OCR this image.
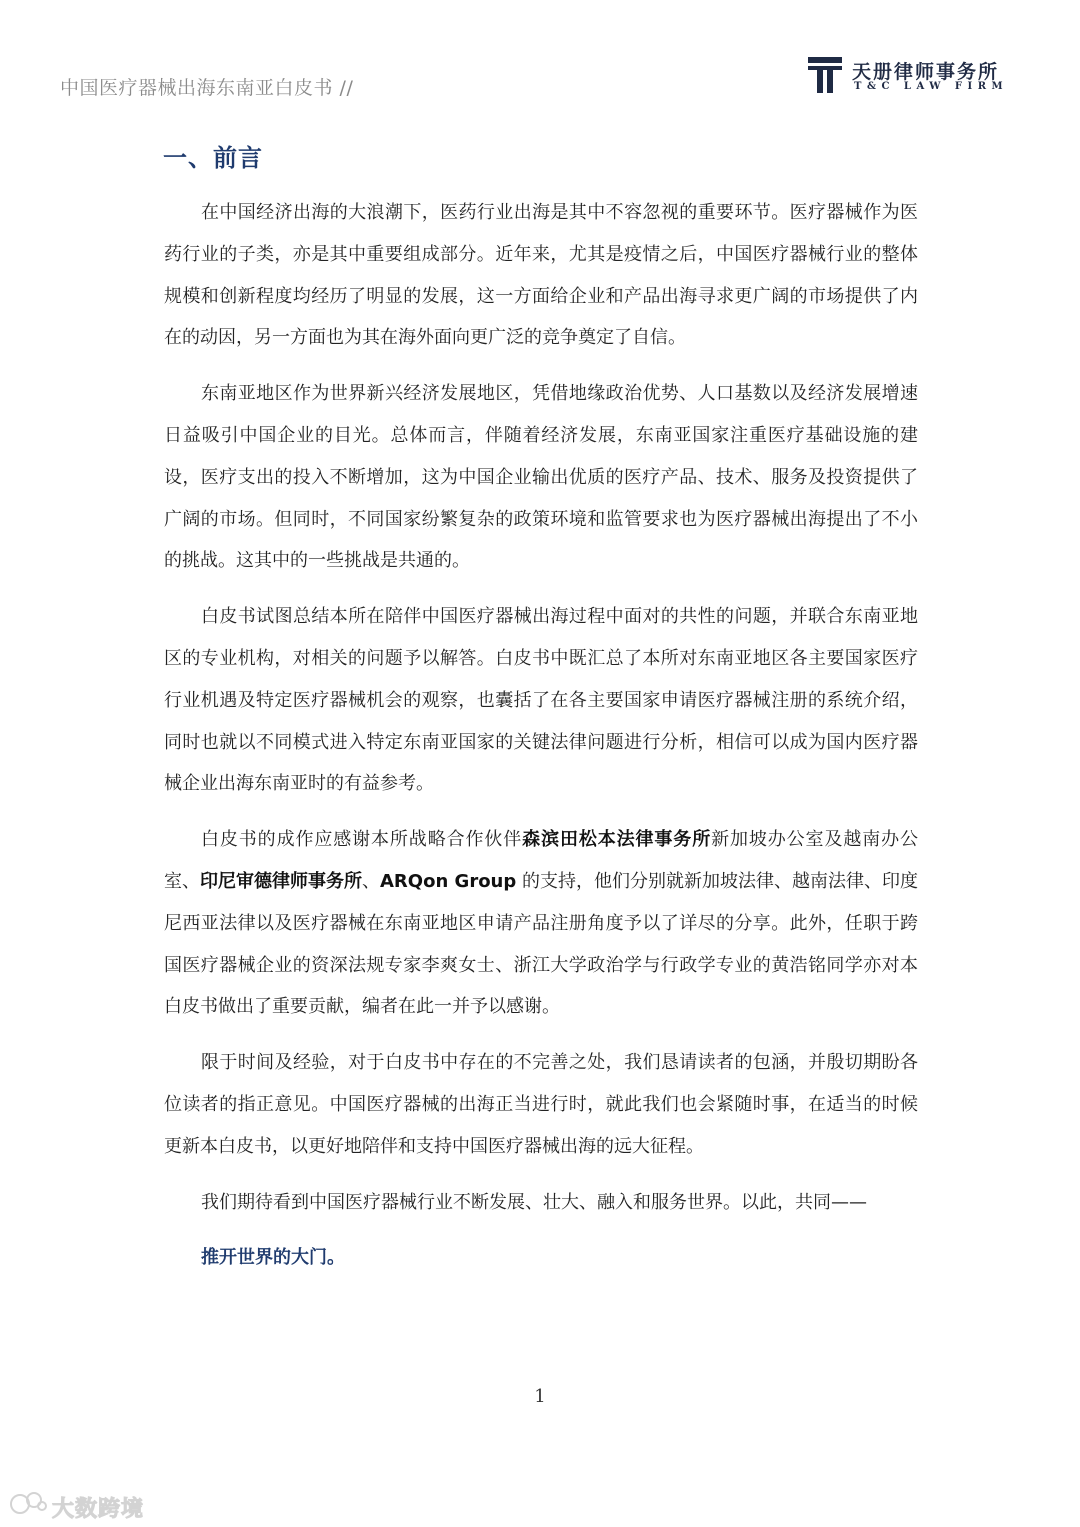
中国医疗器械出海东南亚白皮书 //
天册律师事务所
T&C LAW FIRM
一、前言

在中国经济出海的大浪潮下，医药行业出海是其中不容忽视的重要环节。医疗器械作为医药行业的子类，亦是其中重要组成部分。近年来，尤其是疫情之后，中国医疗器械行业的整体规模和创新程度均经历了明显的发展，这一方面给企业和产品出海寻求更广阔的市场提供了内在的动因，另一方面也为其在海外面向更广泛的竞争奠定了自信。

东南亚地区作为世界新兴经济发展地区，凭借地缘政治优势、人口基数以及经济发展增速日益吸引中国企业的目光。总体而言，伴随着经济发展，东南亚国家注重医疗基础设施的建设，医疗支出的投入不断增加，这为中国企业输出优质的医疗产品、技术、服务及投资提供了广阔的市场。但同时，不同国家纷繁复杂的政策环境和监管要求也为医疗器械出海提出了不小的挑战。这其中的一些挑战是共通的。

白皮书试图总结本所在陪伴中国医疗器械出海过程中面对的共性的问题，并联合东南亚地区的专业机构，对相关的问题予以解答。白皮书中既汇总了本所对东南亚地区各主要国家医疗行业机遇及特定医疗器械机会的观察，也囊括了在各主要国家申请医疗器械注册的系统介绍，同时也就以不同模式进入特定东南亚国家的关键法律问题进行分析，相信可以成为国内医疗器械企业出海东南亚时的有益参考。

白皮书的成作应感谢本所战略合作伙伴森滨田松本法律事务所新加坡办公室及越南办公室、印尼审德律师事务所、ARQon Group 的支持，他们分别就新加坡法律、越南法律、印度尼西亚法律以及医疗器械在东南亚地区申请产品注册角度予以了详尽的分享。此外，任职于跨国医疗器械企业的资深法规专家李爽女士、浙江大学政治学与行政学专业的黄浩铭同学亦对本白皮书做出了重要贡献，编者在此一并予以感谢。

限于时间及经验，对于白皮书中存在的不完善之处，我们恳请读者的包涵，并殷切期盼各位读者的指正意见。中国医疗器械的出海正当进行时，就此我们也会紧随时事，在适当的时候更新本白皮书，以更好地陪伴和支持中国医疗器械出海的远大征程。

我们期待看到中国医疗器械行业不断发展、壮大、融入和服务世界。以此，共同——

推开世界的大门。

1
大数跨境
